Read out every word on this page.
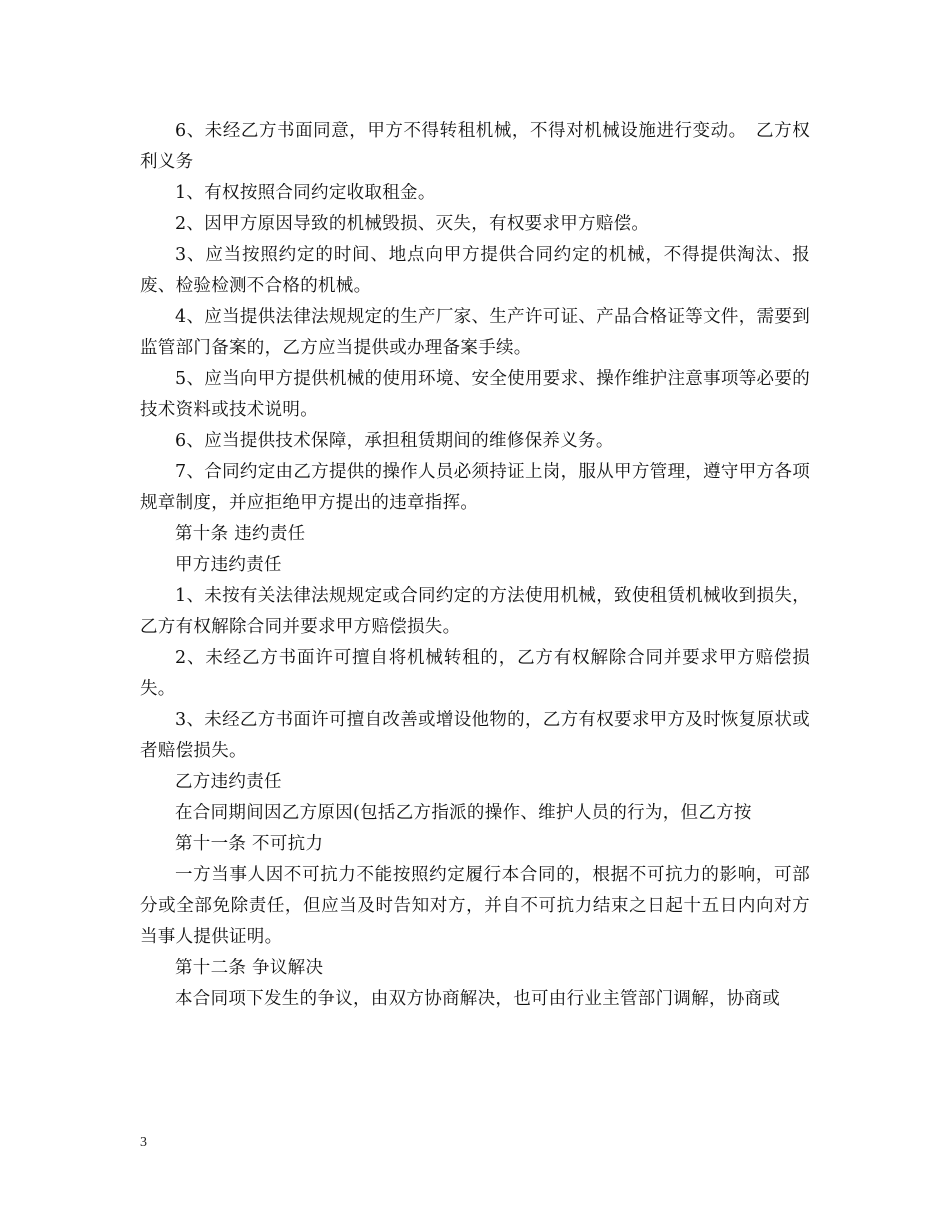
6、未经乙方书面同意，甲方不得转租机械，不得对机械设施进行变动。　乙方权利义务

1、有权按照合同约定收取租金。

2、因甲方原因导致的机械毁损、灭失，有权要求甲方赔偿。

3、应当按照约定的时间、地点向甲方提供合同约定的机械，不得提供淘汰、报废、检验检测不合格的机械。

4、应当提供法律法规规定的生产厂家、生产许可证、产品合格证等文件，需要到监管部门备案的，乙方应当提供或办理备案手续。

5、应当向甲方提供机械的使用环境、安全使用要求、操作维护注意事项等必要的技术资料或技术说明。

6、应当提供技术保障，承担租赁期间的维修保养义务。

7、合同约定由乙方提供的操作人员必须持证上岗，服从甲方管理，遵守甲方各项规章制度，并应拒绝甲方提出的违章指挥。

第十条 违约责任

甲方违约责任

1、未按有关法律法规规定或合同约定的方法使用机械，致使租赁机械收到损失，乙方有权解除合同并要求甲方赔偿损失。

2、未经乙方书面许可擅自将机械转租的，乙方有权解除合同并要求甲方赔偿损失。

3、未经乙方书面许可擅自改善或增设他物的，乙方有权要求甲方及时恢复原状或者赔偿损失。

乙方违约责任

在合同期间因乙方原因(包括乙方指派的操作、维护人员的行为，但乙方按

第十一条 不可抗力

一方当事人因不可抗力不能按照约定履行本合同的，根据不可抗力的影响，可部分或全部免除责任，但应当及时告知对方，并自不可抗力结束之日起十五日内向对方当事人提供证明。

第十二条 争议解决

本合同项下发生的争议，由双方协商解决，也可由行业主管部门调解，协商或

3
